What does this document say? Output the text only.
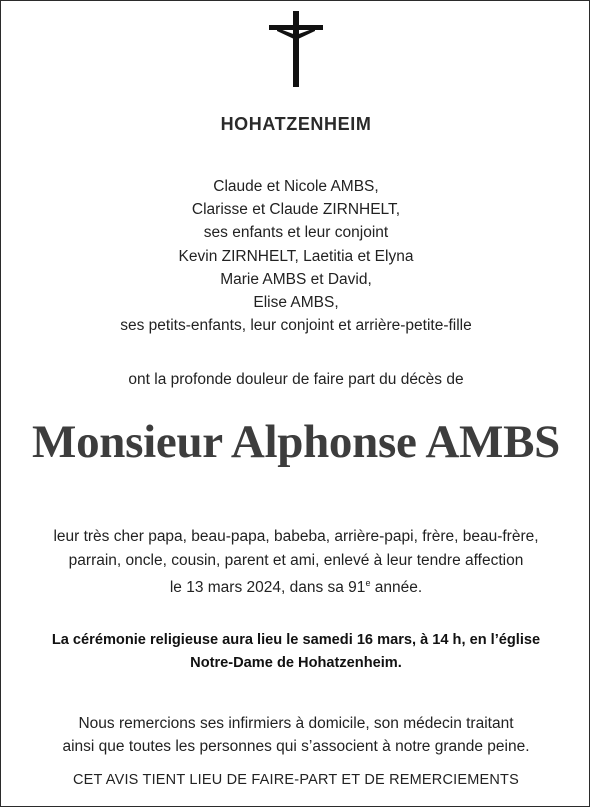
HOHATZENHEIM
Claude et Nicole AMBS,
Clarisse et Claude ZIRNHELT,
ses enfants et leur conjoint
Kevin ZIRNHELT, Laetitia et Elyna
Marie AMBS et David,
Elise AMBS,
ses petits-enfants, leur conjoint et arrière-petite-fille
ont la profonde douleur de faire part du décès de
Monsieur Alphonse AMBS
leur très cher papa, beau-papa, babeba, arrière-papi, frère, beau-frère,
parrain, oncle, cousin, parent et ami, enlevé à leur tendre affection
le 13 mars 2024, dans sa 91e année.
La cérémonie religieuse aura lieu le samedi 16 mars, à 14 h, en l’église
Notre-Dame de Hohatzenheim.
Nous remercions ses infirmiers à domicile, son médecin traitant
ainsi que toutes les personnes qui s’associent à notre grande peine.
CET AVIS TIENT LIEU DE FAIRE-PART ET DE REMERCIEMENTS
